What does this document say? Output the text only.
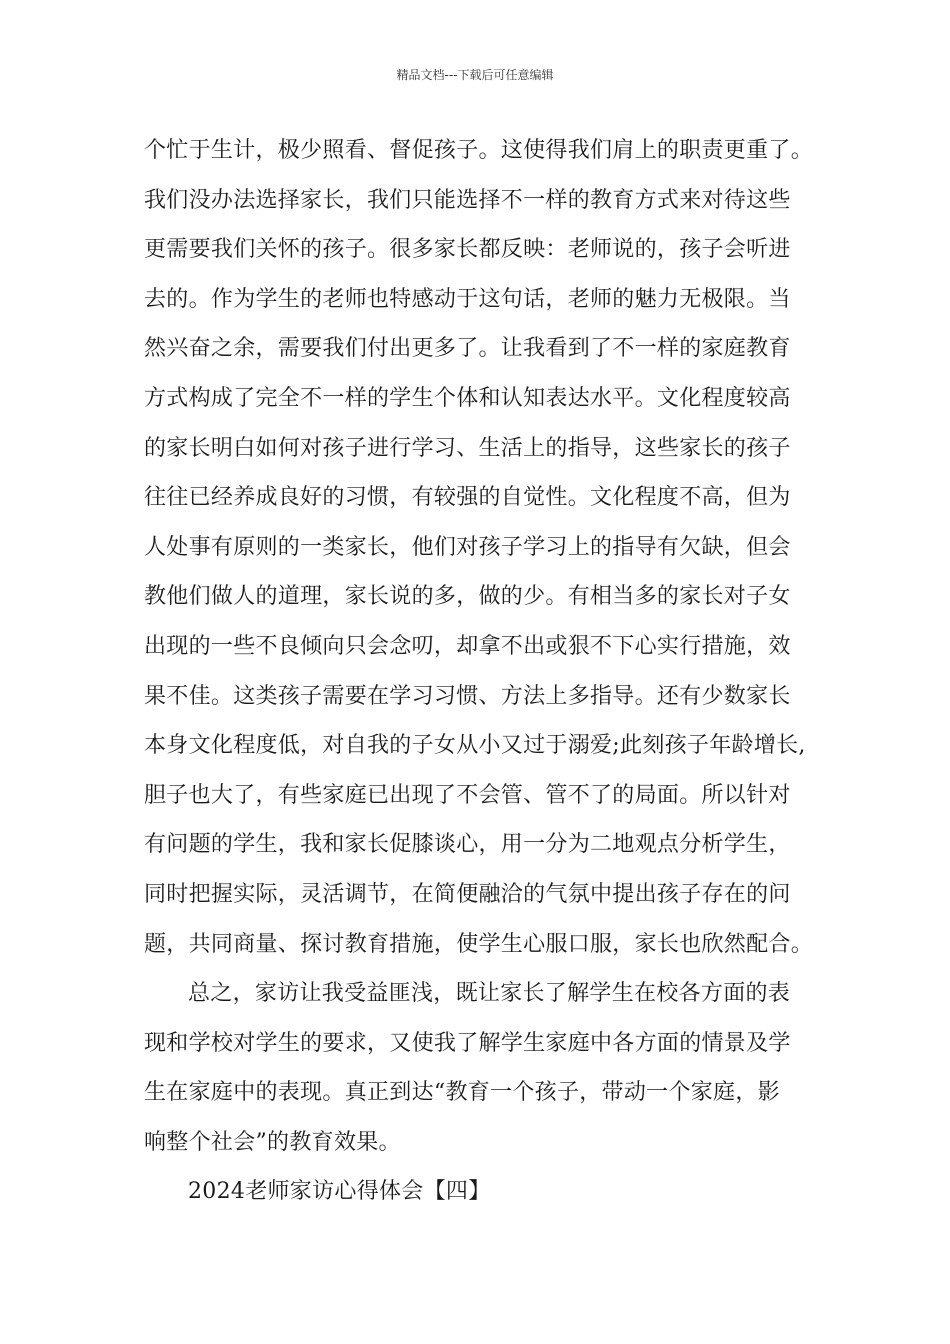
精品文档---下载后可任意编辑
个忙于生计，极少照看、督促孩子。这使得我们肩上的职责更重了。
我们没办法选择家长，我们只能选择不一样的教育方式来对待这些
更需要我们关怀的孩子。很多家长都反映：老师说的，孩子会听进
去的。作为学生的老师也特感动于这句话，老师的魅力无极限。当
然兴奋之余，需要我们付出更多了。让我看到了不一样的家庭教育
方式构成了完全不一样的学生个体和认知表达水平。文化程度较高
的家长明白如何对孩子进行学习、生活上的指导，这些家长的孩子
往往已经养成良好的习惯，有较强的自觉性。文化程度不高，但为
人处事有原则的一类家长，他们对孩子学习上的指导有欠缺，但会
教他们做人的道理，家长说的多，做的少。有相当多的家长对子女
出现的一些不良倾向只会念叨，却拿不出或狠不下心实行措施，效
果不佳。这类孩子需要在学习习惯、方法上多指导。还有少数家长
本身文化程度低，对自我的子女从小又过于溺爱;此刻孩子年龄增长,
胆子也大了，有些家庭已出现了不会管、管不了的局面。所以针对
有问题的学生，我和家长促膝谈心，用一分为二地观点分析学生，
同时把握实际，灵活调节，在简便融洽的气氛中提出孩子存在的问
题，共同商量、探讨教育措施，使学生心服口服，家长也欣然配合。
总之，家访让我受益匪浅，既让家长了解学生在校各方面的表
现和学校对学生的要求，又使我了解学生家庭中各方面的情景及学
生在家庭中的表现。真正到达“教育一个孩子，带动一个家庭，影
响整个社会”的教育效果。
2024老师家访心得体会【四】
